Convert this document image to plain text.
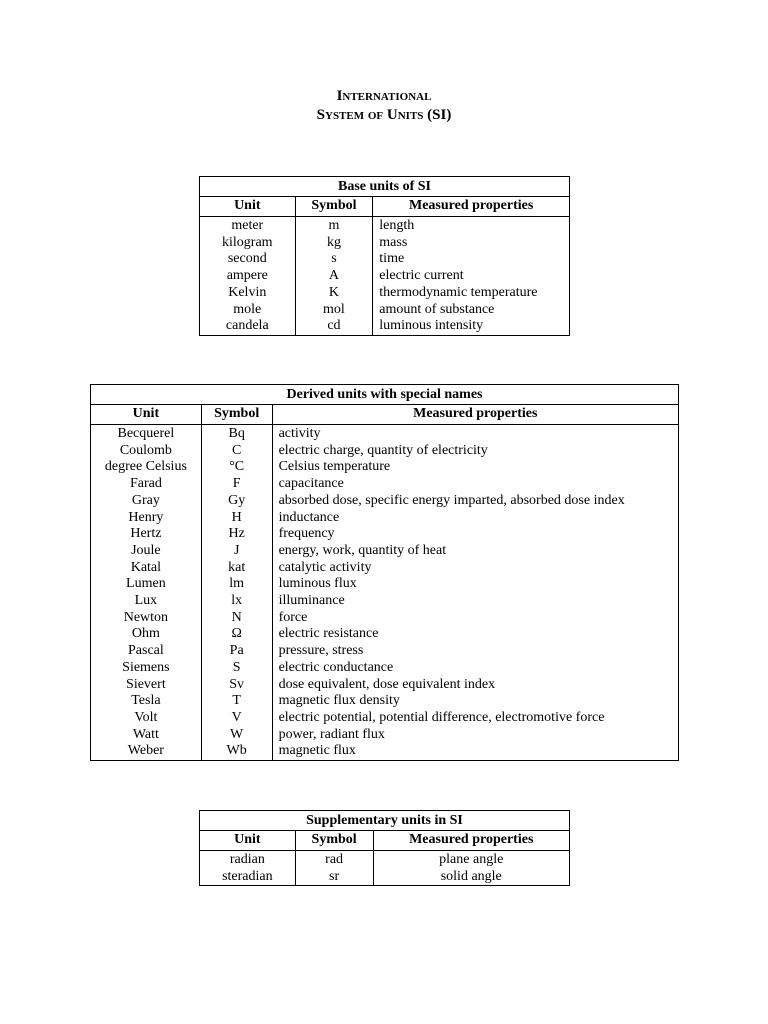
International
System of Units (SI)
Base units of SI		
Unit	Symbol	Measured properties
meter	m	length
kilogram	kg	mass
second	s	time
ampere	A	electric current
Kelvin	K	thermodynamic temperature
mole	mol	amount of substance
candela	cd	luminous intensity
Derived units with special names		
Unit	Symbol	Measured properties
Becquerel	Bq	activity
Coulomb	C	electric charge, quantity of electricity
degree Celsius	°C	Celsius temperature
Farad	F	capacitance
Gray	Gy	absorbed dose, specific energy imparted, absorbed dose index
Henry	H	inductance
Hertz	Hz	frequency
Joule	J	energy, work, quantity of heat
Katal	kat	catalytic activity
Lumen	lm	luminous flux
Lux	lx	illuminance
Newton	N	force
Ohm	Ω	electric resistance
Pascal	Pa	pressure, stress
Siemens	S	electric conductance
Sievert	Sv	dose equivalent, dose equivalent index
Tesla	T	magnetic flux density
Volt	V	electric potential, potential difference, electromotive force
Watt	W	power, radiant flux
Weber	Wb	magnetic flux
Supplementary units in SI		
Unit	Symbol	Measured properties
radian	rad	plane angle
steradian	sr	solid angle
